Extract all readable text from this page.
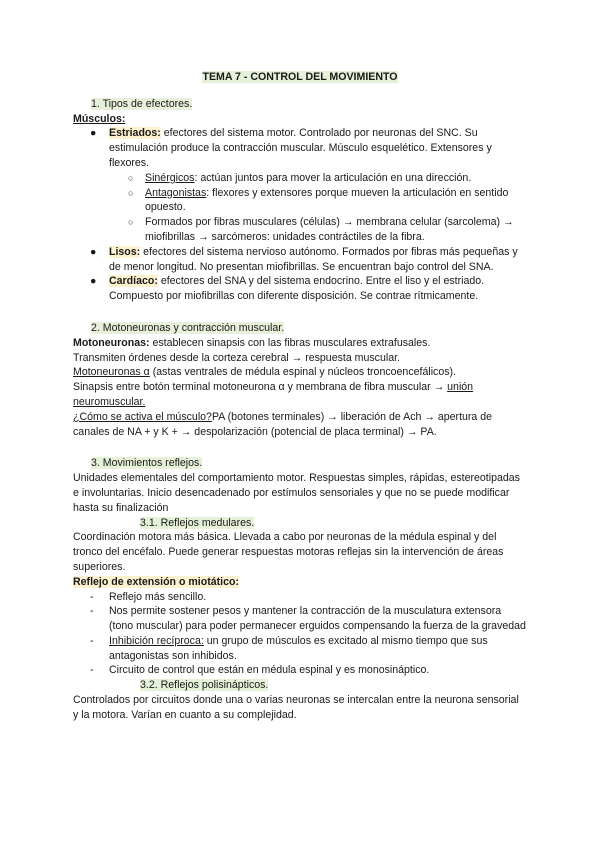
TEMA 7 - CONTROL DEL MOVIMIENTO
1. Tipos de efectores.

Músculos:

● Estriados: efectores del sistema motor. Controlado por neuronas del SNC. Su estimulación produce la contracción muscular. Músculo esquelético. Extensores y flexores.
○ Sinérgicos: actúan juntos para mover la articulación en una dirección.
○ Antagonistas: flexores y extensores porque mueven la articulación en sentido opuesto.
○ Formados por fibras musculares (células) → membrana celular (sarcolema) → miofibrillas → sarcómeros: unidades contráctiles de la fibra.
● Lisos: efectores del sistema nervioso autónomo. Formados por fibras más pequeñas y de menor longitud. No presentan miofibrillas. Se encuentran bajo control del SNA.
● Cardíaco: efectores del SNA y del sistema endocrino. Entre el liso y el estriado. Compuesto por miofibrillas con diferente disposición. Se contrae rítmicamente.
2. Motoneuronas y contracción muscular.

Motoneuronas: establecen sinapsis con las fibras musculares extrafusales.

Transmiten órdenes desde la corteza cerebral → respuesta muscular.

Motoneuronas α (astas ventrales de médula espinal y núcleos troncoencefálicos).

Sinapsis entre botón terminal motoneurona α y membrana de fibra muscular → unión neuromuscular.

¿Cómo se activa el músculo?PA (botones terminales) → liberación de Ach → apertura de canales de NA + y K + → despolarización (potencial de placa terminal) → PA.

3. Movimientos reflejos.

Unidades elementales del comportamiento motor. Respuestas simples, rápidas, estereotipadas e involuntarias. Inicio desencadenado por estímulos sensoriales y que no se puede modificar hasta su finalización

3.1. Reflejos medulares.

Coordinación motora más básica. Llevada a cabo por neuronas de la médula espinal y del tronco del encéfalo. Puede generar respuestas motoras reflejas sin la intervención de áreas superiores.

Reflejo de extensión o miotático:

- Reflejo más sencillo.
- Nos permite sostener pesos y mantener la contracción de la musculatura extensora (tono muscular) para poder permanecer erguidos compensando la fuerza de la gravedad
- Inhibición recíproca: un grupo de músculos es excitado al mismo tiempo que sus antagonistas son inhibidos.
- Circuito de control que están en médula espinal y es monosináptico.
3.2. Reflejos polisinápticos.

Controlados por circuitos donde una o varias neuronas se intercalan entre la neurona sensorial y la motora. Varían en cuanto a su complejidad.
